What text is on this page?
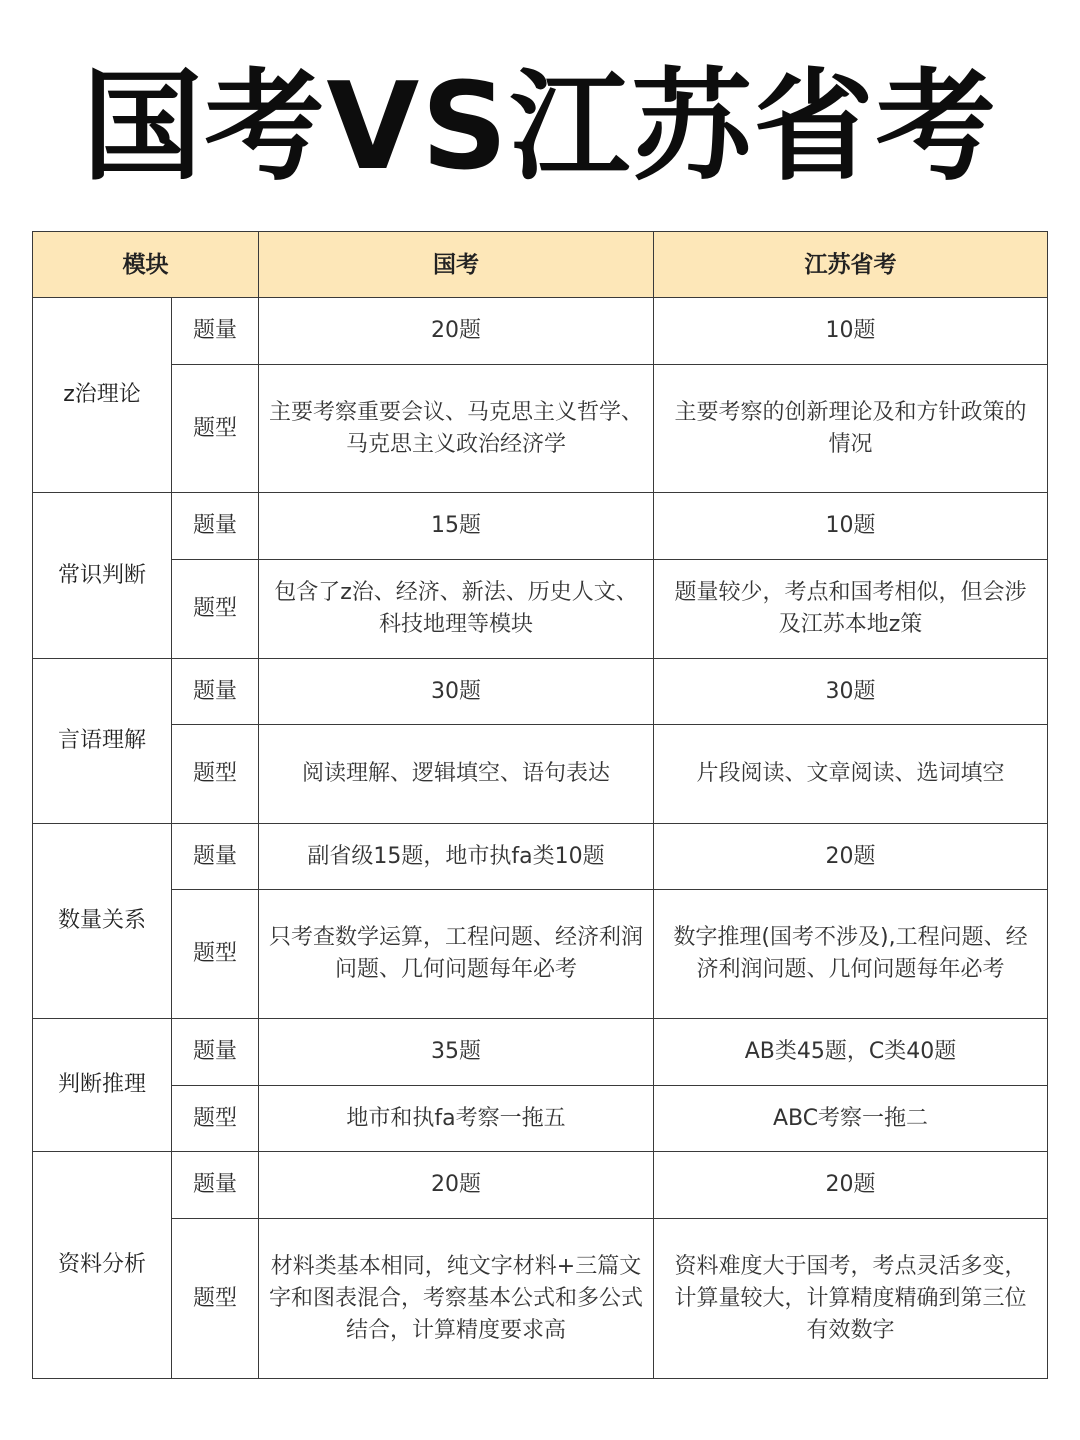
国考VS江苏省考
模块		国考	江苏省考
z治理论	题量	20题	10题
	题型	主要考察重要会议、马克思主义哲学、马克思主义政治经济学	主要考察的创新理论及和方针政策的情况
常识判断	题量	15题	10题
	题型	包含了z治、经济、新法、历史人文、科技地理等模块	题量较少，考点和国考相似，但会涉及江苏本地z策
言语理解	题量	30题	30题
	题型	阅读理解、逻辑填空、语句表达	片段阅读、文章阅读、选词填空
数量关系	题量	副省级15题，地市执fa类10题	20题
	题型	只考查数学运算，工程问题、经济利润问题、几何问题每年必考	数字推理(国考不涉及),工程问题、经济利润问题、几何问题每年必考
判断推理	题量	35题	AB类45题，C类40题
	题型	地市和执fa考察一拖五	ABC考察一拖二
资料分析	题量	20题	20题
	题型	材料类基本相同，纯文字材料+三篇文字和图表混合，考察基本公式和多公式结合，计算精度要求高	资料难度大于国考，考点灵活多变，计算量较大，计算精度精确到第三位有效数字
